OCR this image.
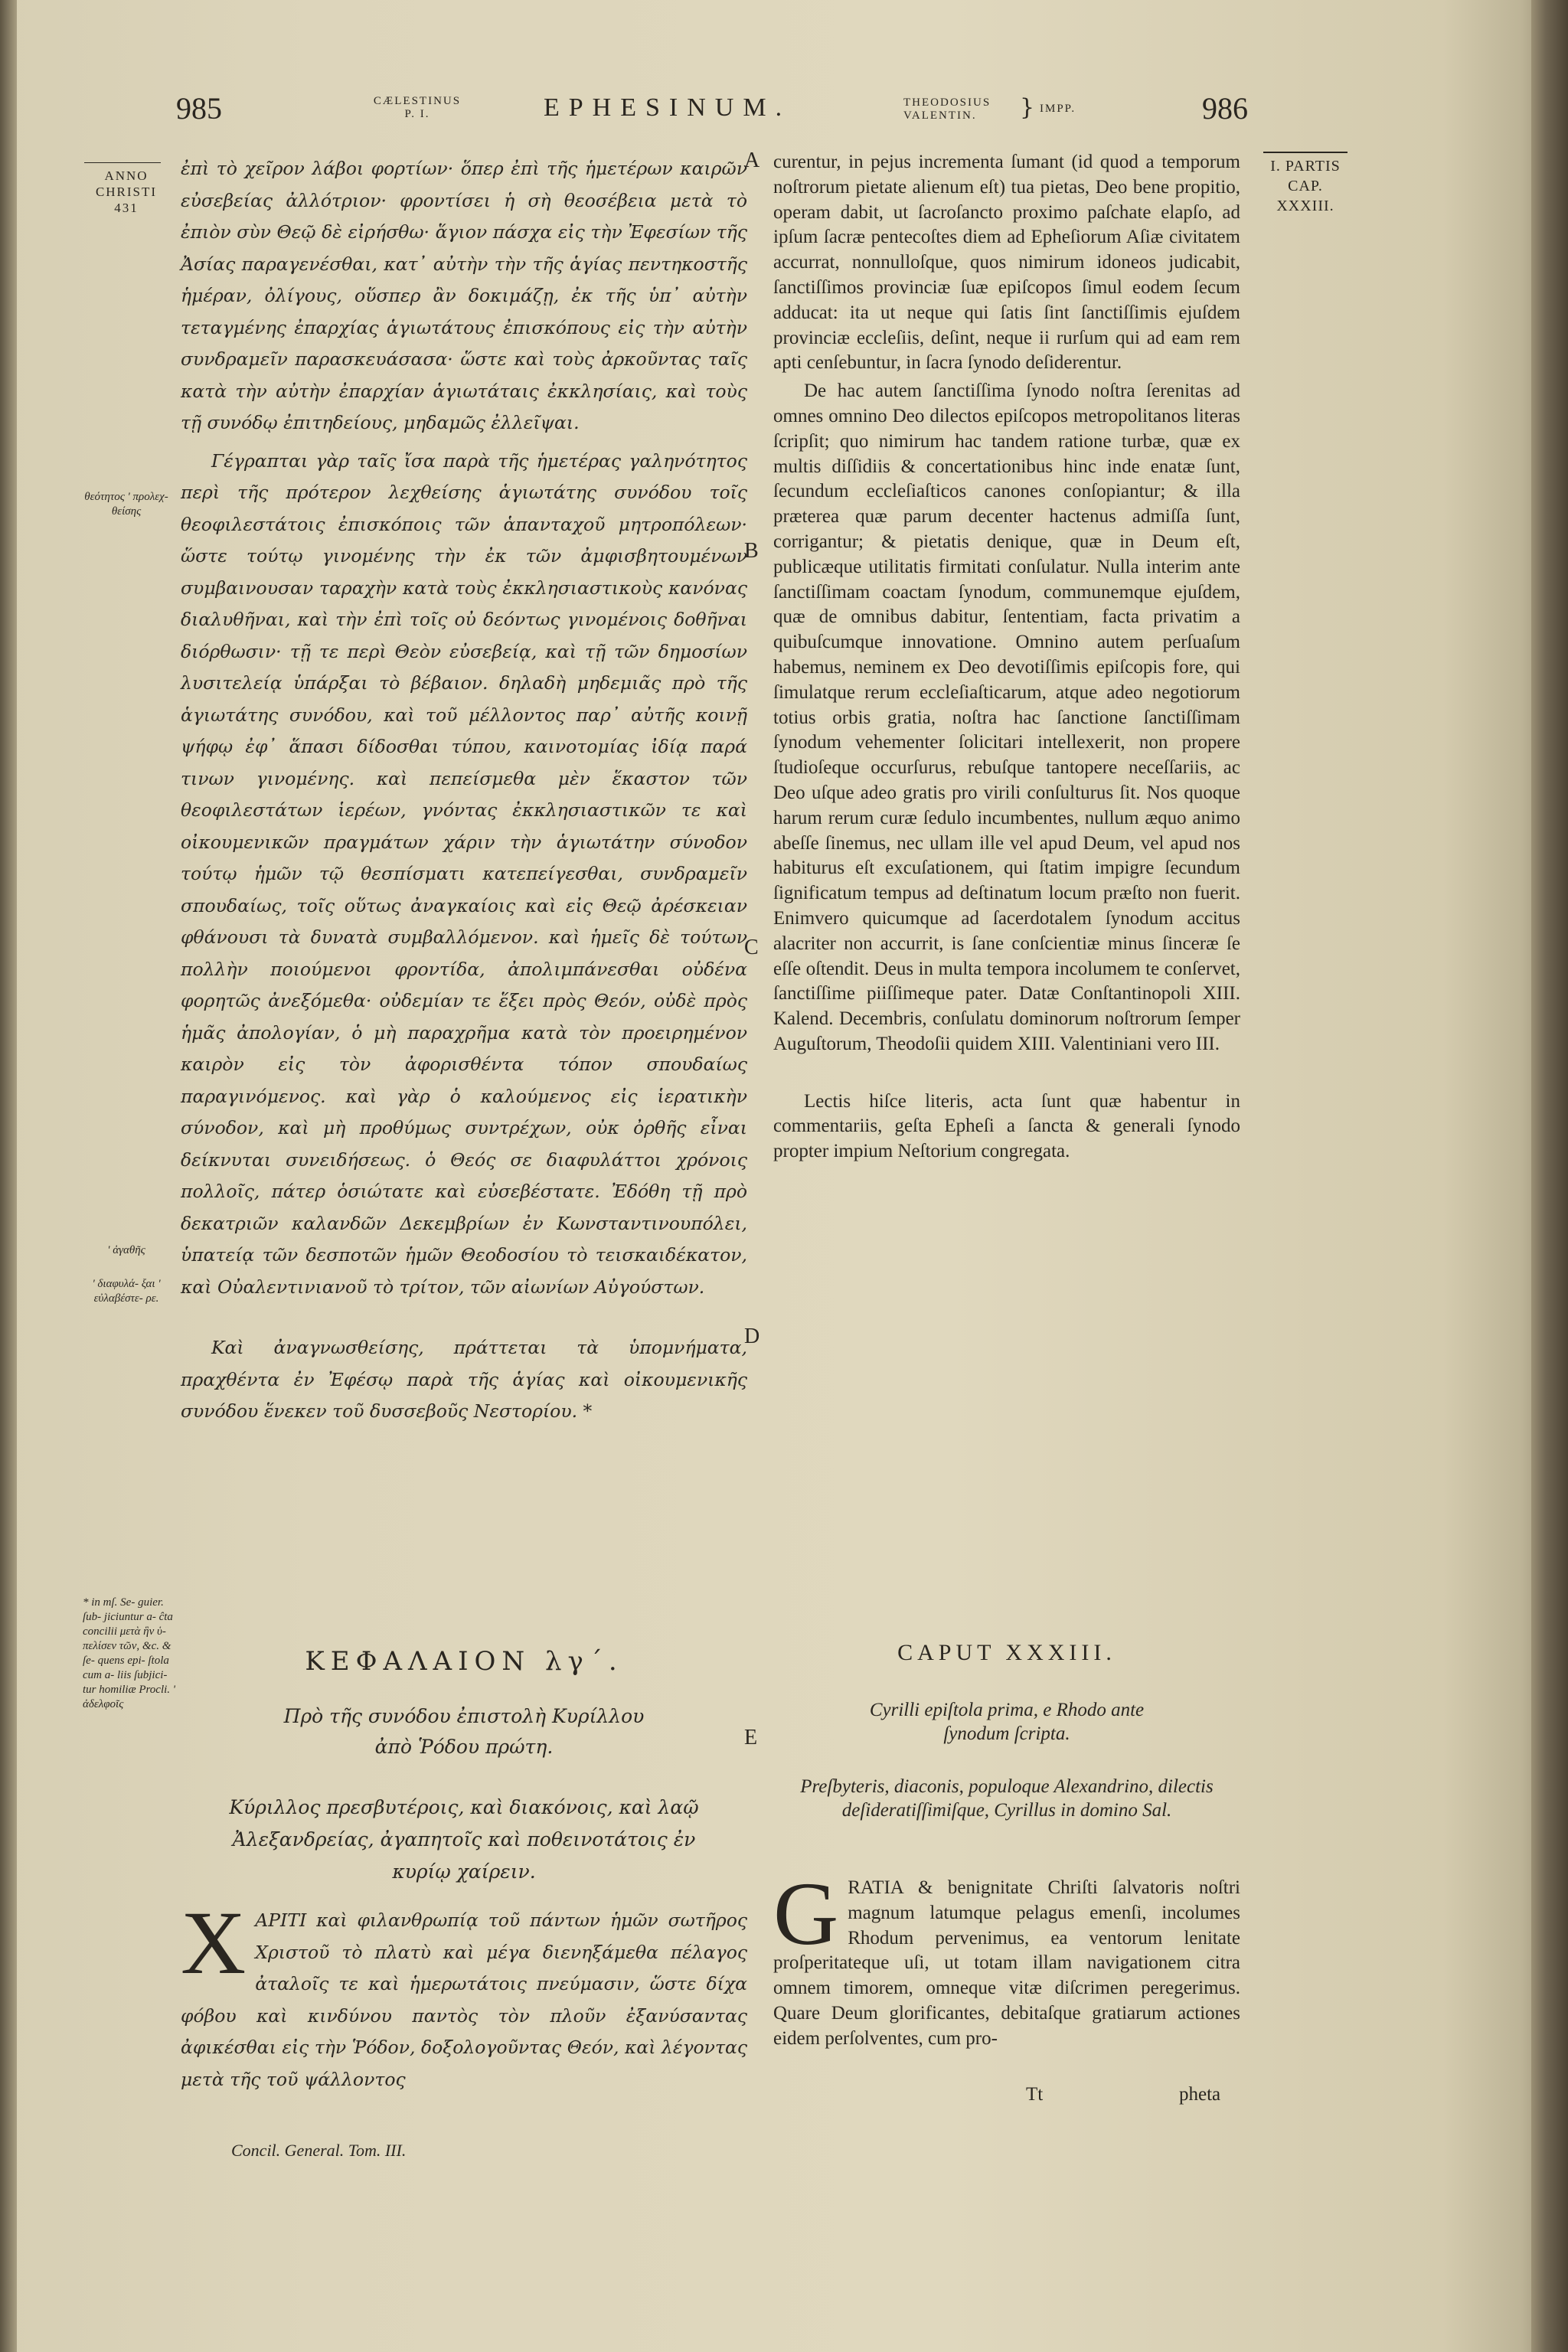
985	CÆLESTINUS
P. I.	EPHESINUM.	THEODOSIUS
VALENTIN.	} IMPP.	986
ANNO
CHRISTI
431
θεότητος ' προλεχ- θείσης
' ἀγαθῆς
' διαφυλά- ξαι ' εὐλαβέστε- ρε.
* in mſ. Se- guier. ſub- jiciuntur a- ĉta concilii μετὰ ἣν ὑ- πελίσεν τῶν, &c. & ſe- quens epi- ſtola cum a- liis ſubjici- tur homiliæ Procli. ' ἀδελφοῖς
I. PARTIS
CAP.
XXXIII.
A
B
C
D
E

ἐπὶ τὸ χεῖρον λάβοι φορτίων· ὅπερ ἐπὶ τῆς ἡμετέρων καιρῶν εὐσεβείας ἀλλότριον· φροντίσει ἡ σὴ θεοσέβεια μετὰ τὸ ἐπιὸν σὺν Θεῷ δὲ εἰρήσθω· ἅγιον πάσχα εἰς τὴν Ἐφεσίων τῆς Ἀσίας παραγενέσθαι, κατ᾿ αὐτὴν τὴν τῆς ἁγίας πεντηκοστῆς ἡμέραν, ὀλίγους, οὕσπερ ἂν δοκιμάζῃ, ἐκ τῆς ὑπ᾿ αὐτὴν τεταγμένης ἐπαρχίας ἁγιωτάτους ἐπισκόπους εἰς τὴν αὐτὴν συνδραμεῖν παρασκευάσασα· ὥστε καὶ τοὺς ἀρκοῦντας ταῖς κατὰ τὴν αὐτὴν ἐπαρχίαν ἁγιωτάταις ἐκκλησίαις, καὶ τοὺς τῇ συνόδῳ ἐπιτηδείους, μηδαμῶς ἐλλεῖψαι.

Γέγραπται γὰρ ταῖς ἴσα παρὰ τῆς ἡμετέρας γαληνότητος περὶ τῆς πρότερον λεχθείσης ἁγιωτάτης συνόδου τοῖς θεοφιλεστάτοις ἐπισκόποις τῶν ἁπανταχοῦ μητροπόλεων· ὥστε τούτῳ γινομένης τὴν ἐκ τῶν ἀμφισβητουμένων συμβαινουσαν ταραχὴν κατὰ τοὺς ἐκκλησιαστικοὺς κανόνας διαλυθῆναι, καὶ τὴν ἐπὶ τοῖς οὐ δεόντως γινομένοις δοθῆναι διόρθωσιν· τῇ τε περὶ Θεὸν εὐσεβείᾳ, καὶ τῇ τῶν δημοσίων λυσιτελείᾳ ὑπάρξαι τὸ βέβαιον. δηλαδὴ μηδεμιᾶς πρὸ τῆς ἁγιωτάτης συνόδου, καὶ τοῦ μέλλοντος παρ᾿ αὐτῆς κοινῇ ψήφῳ ἐφ᾿ ἅπασι δίδοσθαι τύπου, καινοτομίας ἰδίᾳ παρά τινων γινομένης. καὶ πεπείσμεθα μὲν ἕκαστον τῶν θεοφιλεστάτων ἱερέων, γνόντας ἐκκλησιαστικῶν τε καὶ οἰκουμενικῶν πραγμάτων χάριν τὴν ἁγιωτάτην σύνοδον τούτῳ ἡμῶν τῷ θεσπίσματι κατεπείγεσθαι, συνδραμεῖν σπουδαίως, τοῖς οὕτως ἀναγκαίοις καὶ εἰς Θεῷ ἀρέσκειαν φθάνουσι τὰ δυνατὰ συμβαλλόμενον. καὶ ἡμεῖς δὲ τούτων πολλὴν ποιούμενοι φροντίδα, ἀπολιμπάνεσθαι οὐδένα φορητῶς ἀνεξόμεθα· οὐδεμίαν τε ἕξει πρὸς Θεόν, οὐδὲ πρὸς ἡμᾶς ἀπολογίαν, ὁ μὴ παραχρῆμα κατὰ τὸν προειρημένον καιρὸν εἰς τὸν ἀφορισθέντα τόπον σπουδαίως παραγινόμενος. καὶ γὰρ ὁ καλούμενος εἰς ἱερατικὴν σύνοδον, καὶ μὴ προθύμως συντρέχων, οὐκ ὀρθῆς εἶναι δείκνυται συνειδήσεως. ὁ Θεός σε διαφυλάττοι χρόνοις πολλοῖς, πάτερ ὁσιώτατε καὶ εὐσεβέστατε. Ἐδόθη τῇ πρὸ δεκατριῶν καλανδῶν Δεκεμβρίων ἐν Κωνσταντινουπόλει, ὑπατείᾳ τῶν δεσποτῶν ἡμῶν Θεοδοσίου τὸ τεισκαιδέκατον, καὶ Οὐαλεντινιανοῦ τὸ τρίτον, τῶν αἰωνίων Αὐγούστων.

Καὶ ἀναγνωσθείσης, πράττεται τὰ ὑπομνήματα, πραχθέντα ἐν Ἐφέσῳ παρὰ τῆς ἁγίας καὶ οἰκουμενικῆς συνόδου ἕνεκεν τοῦ δυσσεβοῦς Νεστορίου. *

ΚΕΦΑΛΑΙΟΝ λγ´.
Πρὸ τῆς συνόδου ἐπιστολὴ Κυρίλλου ἀπὸ Ῥόδου πρώτη.
Κύριλλος πρεσβυτέροις, καὶ διακόνοις, καὶ λαῷ Ἀλεξανδρείας, ἀγαπητοῖς καὶ ποθεινοτάτοις ἐν κυρίῳ χαίρειν.
Χ ΑΡΙΤΙ καὶ φιλανθρωπίᾳ τοῦ πάντων ἡμῶν σωτῆρος Χριστοῦ τὸ πλατὺ καὶ μέγα διενηξάμεθα πέλαγος ἀταλοῖς τε καὶ ἡμερωτάτοις πνεύμασιν, ὥστε δίχα φόβου καὶ κινδύνου παντὸς τὸν πλοῦν ἐξανύσαντας ἀφικέσθαι εἰς τὴν Ῥόδον, δοξολογοῦντας Θεόν, καὶ λέγοντας μετὰ τῆς τοῦ ψάλλοντος
Concil. General. Tom. III.

curentur, in pejus incrementa ſumant (id quod a temporum noſtrorum pietate alienum eſt) tua pietas, Deo bene propitio, operam dabit, ut ſacroſancto proximo paſchate elapſo, ad ipſum ſacræ pentecoſtes diem ad Epheſiorum Aſiæ civitatem accurrat, nonnulloſque, quos nimirum idoneos judicabit, ſanctiſſimos provinciæ ſuæ epiſcopos ſimul eodem ſecum adducat: ita ut neque qui ſatis ſint ſanctiſſimis ejuſdem provinciæ eccleſiis, deſint, neque ii rurſum qui ad eam rem apti cenſebuntur, in ſacra ſynodo deſiderentur.

De hac autem ſanctiſſima ſynodo noſtra ſerenitas ad omnes omnino Deo dilectos epiſcopos metropolitanos literas ſcripſit; quo nimirum hac tandem ratione turbæ, quæ ex multis diſſidiis & concertationibus hinc inde enatæ ſunt, ſecundum eccleſiaſticos canones conſopiantur; & illa præterea quæ parum decenter hactenus admiſſa ſunt, corrigantur; & pietatis denique, quæ in Deum eſt, publicæque utilitatis firmitati conſulatur. Nulla interim ante ſanctiſſimam coactam ſynodum, communemque ejuſdem, quæ de omnibus dabitur, ſententiam, facta privatim a quibuſcumque innovatione. Omnino autem perſuaſum habemus, neminem ex Deo devotiſſimis epiſcopis fore, qui ſimulatque rerum eccleſiaſticarum, atque adeo negotiorum totius orbis gratia, noſtra hac ſanctione ſanctiſſimam ſynodum vehementer ſolicitari intellexerit, non propere ſtudioſeque occurſurus, rebuſque tantopere neceſſariis, ac Deo uſque adeo gratis pro virili conſulturus ſit. Nos quoque harum rerum curæ ſedulo incumbentes, nullum æquo animo abeſſe ſinemus, nec ullam ille vel apud Deum, vel apud nos habiturus eſt excuſationem, qui ſtatim impigre ſecundum ſignificatum tempus ad deſtinatum locum præſto non fuerit. Enimvero quicumque ad ſacerdotalem ſynodum accitus alacriter non accurrit, is ſane conſcientiæ minus ſinceræ ſe eſſe oſtendit. Deus in multa tempora incolumem te conſervet, ſanctiſſime piiſſimeque pater. Datæ Conſtantinopoli XIII. Kalend. Decembris, conſulatu dominorum noſtrorum ſemper Auguſtorum, Theodoſii quidem XIII. Valentiniani vero III.

Lectis hiſce literis, acta ſunt quæ habentur in commentariis, geſta Epheſi a ſancta & generali ſynodo propter impium Neſtorium congregata.

CAPUT XXXIII.
Cyrilli epiſtola prima, e Rhodo ante ſynodum ſcripta.
Preſbyteris, diaconis, populoque Alexandrino, dilectis deſideratiſſimiſque, Cyrillus in domino Sal.
G RATIA & benignitate Chriſti ſalvatoris noſtri magnum latumque pelagus emenſi, incolumes Rhodum pervenimus, ea ventorum lenitate proſperitateque uſi, ut totam illam navigationem citra omnem timorem, omneque vitæ diſcrimen peregerimus. Quare Deum glorificantes, debitaſque gratiarum actiones eidem perſolventes, cum pro-
Tt	pheta
